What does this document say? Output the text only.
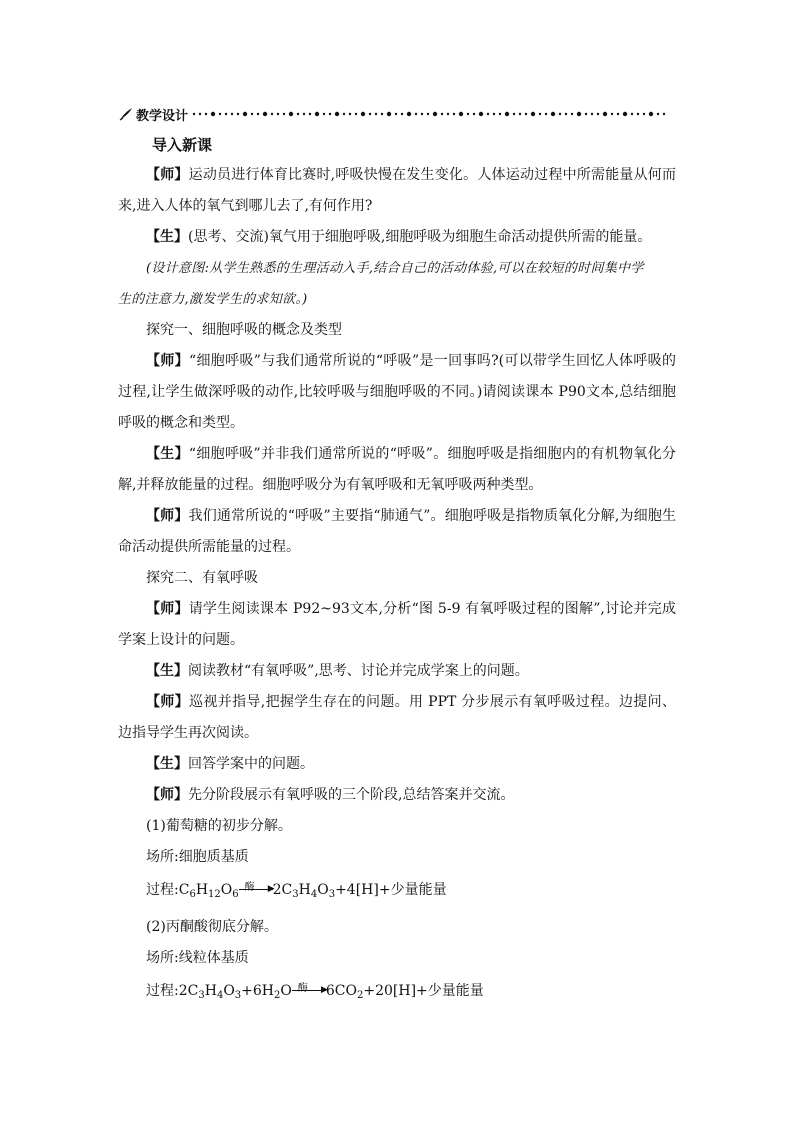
教学设计

导入新课

【师】运动员进行体育比赛时,呼吸快慢在发生变化。人体运动过程中所需能量从何而来,进入人体的氧气到哪儿去了,有何作用?

【生】(思考、交流)氧气用于细胞呼吸,细胞呼吸为细胞生命活动提供所需的能量。

(设计意图:从学生熟悉的生理活动入手,结合自己的活动体验,可以在较短的时间集中学

生的注意力,激发学生的求知欲。)

探究一、细胞呼吸的概念及类型

【师】“细胞呼吸”与我们通常所说的“呼吸”是一回事吗?(可以带学生回忆人体呼吸的过程,让学生做深呼吸的动作,比较呼吸与细胞呼吸的不同。)请阅读课本 P90文本,总结细胞呼吸的概念和类型。

【生】“细胞呼吸”并非我们通常所说的“呼吸”。细胞呼吸是指细胞内的有机物氧化分解,并释放能量的过程。细胞呼吸分为有氧呼吸和无氧呼吸两种类型。

【师】我们通常所说的“呼吸”主要指“肺通气”。细胞呼吸是指物质氧化分解,为细胞生命活动提供所需能量的过程。

探究二、有氧呼吸

【师】请学生阅读课本 P92~93文本,分析“图 5-9 有氧呼吸过程的图解”,讨论并完成学案上设计的问题。

【生】阅读教材“有氧呼吸”,思考、讨论并完成学案上的问题。

【师】巡视并指导,把握学生存在的问题。用 PPT 分步展示有氧呼吸过程。边提问、边指导学生再次阅读。

【生】回答学案中的问题。

【师】先分阶段展示有氧呼吸的三个阶段,总结答案并交流。

(1)葡萄糖的初步分解。

场所:细胞质基质

过程$:C_6H_{12}O_6$
酶 ▶
$2C_3H_4O_3+4[H]+$少量能量

(2)丙酮酸彻底分解。

场所:线粒体基质

过程$:2C_3H_4O_3+6H_2O$ 酶 ▶
$6CO_2+20[H]+$少量能量
